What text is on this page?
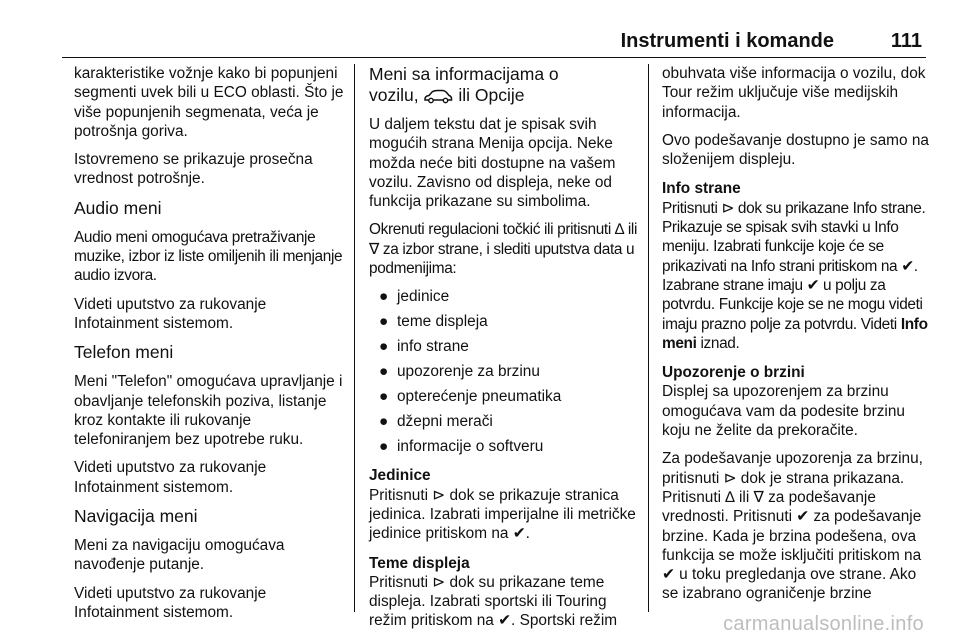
Instrumenti i komande	111

karakteristike vožnje kako bi popunjeni segmenti uvek bili u ECO oblasti. Što je više popunjenih segmenata, veća je potrošnja goriva.

Istovremeno se prikazuje prosečna vrednost potrošnje.

Audio meni

Audio meni omogućava pretraživanje muzike, izbor iz liste omiljenih ili menjanje audio izvora.

Videti uputstvo za rukovanje Infotainment sistemom.

Telefon meni

Meni "Telefon" omogućava upravljanje i obavljanje telefonskih poziva, listanje kroz kontakte ili rukovanje telefoniranjem bez upotrebe ruku.

Videti uputstvo za rukovanje Infotainment sistemom.

Navigacija meni

Meni za navigaciju omogućava navođenje putanje.

Videti uputstvo za rukovanje Infotainment sistemom.

Meni sa informacijama o
vozilu, ili Opcije

U daljem tekstu dat je spisak svih mogućih strana Menija opcija. Neke možda neće biti dostupne na vašem vozilu. Zavisno od displeja, neke od funkcija prikazane su simbolima.

Okrenuti regulacioni točkić ili pritisnuti ∆ ili ∇ za izbor strane, i slediti uputstva data u podmenijima:

● jedinice
● teme displeja
● info strane
● upozorenje za brzinu
● opterećenje pneumatika
● džepni merači
● informacije o softveru
Jedinice

Pritisnuti ⊳ dok se prikazuje stranica jedinica. Izabrati imperijalne ili metričke jedinice pritiskom na ✔.

Teme displeja

Pritisnuti ⊳ dok su prikazane teme displeja. Izabrati sportski ili Touring režim pritiskom na ✔. Sportski režim

obuhvata više informacija o vozilu, dok Tour režim uključuje više medijskih informacija.

Ovo podešavanje dostupno je samo na složenijem displeju.

Info strane

Pritisnuti ⊳ dok su prikazane Info strane. Prikazuje se spisak svih stavki u Info meniju. Izabrati funkcije koje će se prikazivati na Info strani pritiskom na ✔. Izabrane strane imaju ✔ u polju za potvrdu. Funkcije koje se ne mogu videti imaju prazno polje za potvrdu. Videti Info meni iznad.

Upozorenje o brzini

Displej sa upozorenjem za brzinu omogućava vam da podesite brzinu koju ne želite da prekoračite.

Za podešavanje upozorenja za brzinu, pritisnuti ⊳ dok je strana prikazana. Pritisnuti ∆ ili ∇ za podešavanje vrednosti. Pritisnuti ✔ za podešavanje brzine. Kada je brzina podešena, ova funkcija se može isključiti pritiskom na ✔ u toku pregledanja ove strane. Ako se izabrano ograničenje brzine

carmanualsonline.info
